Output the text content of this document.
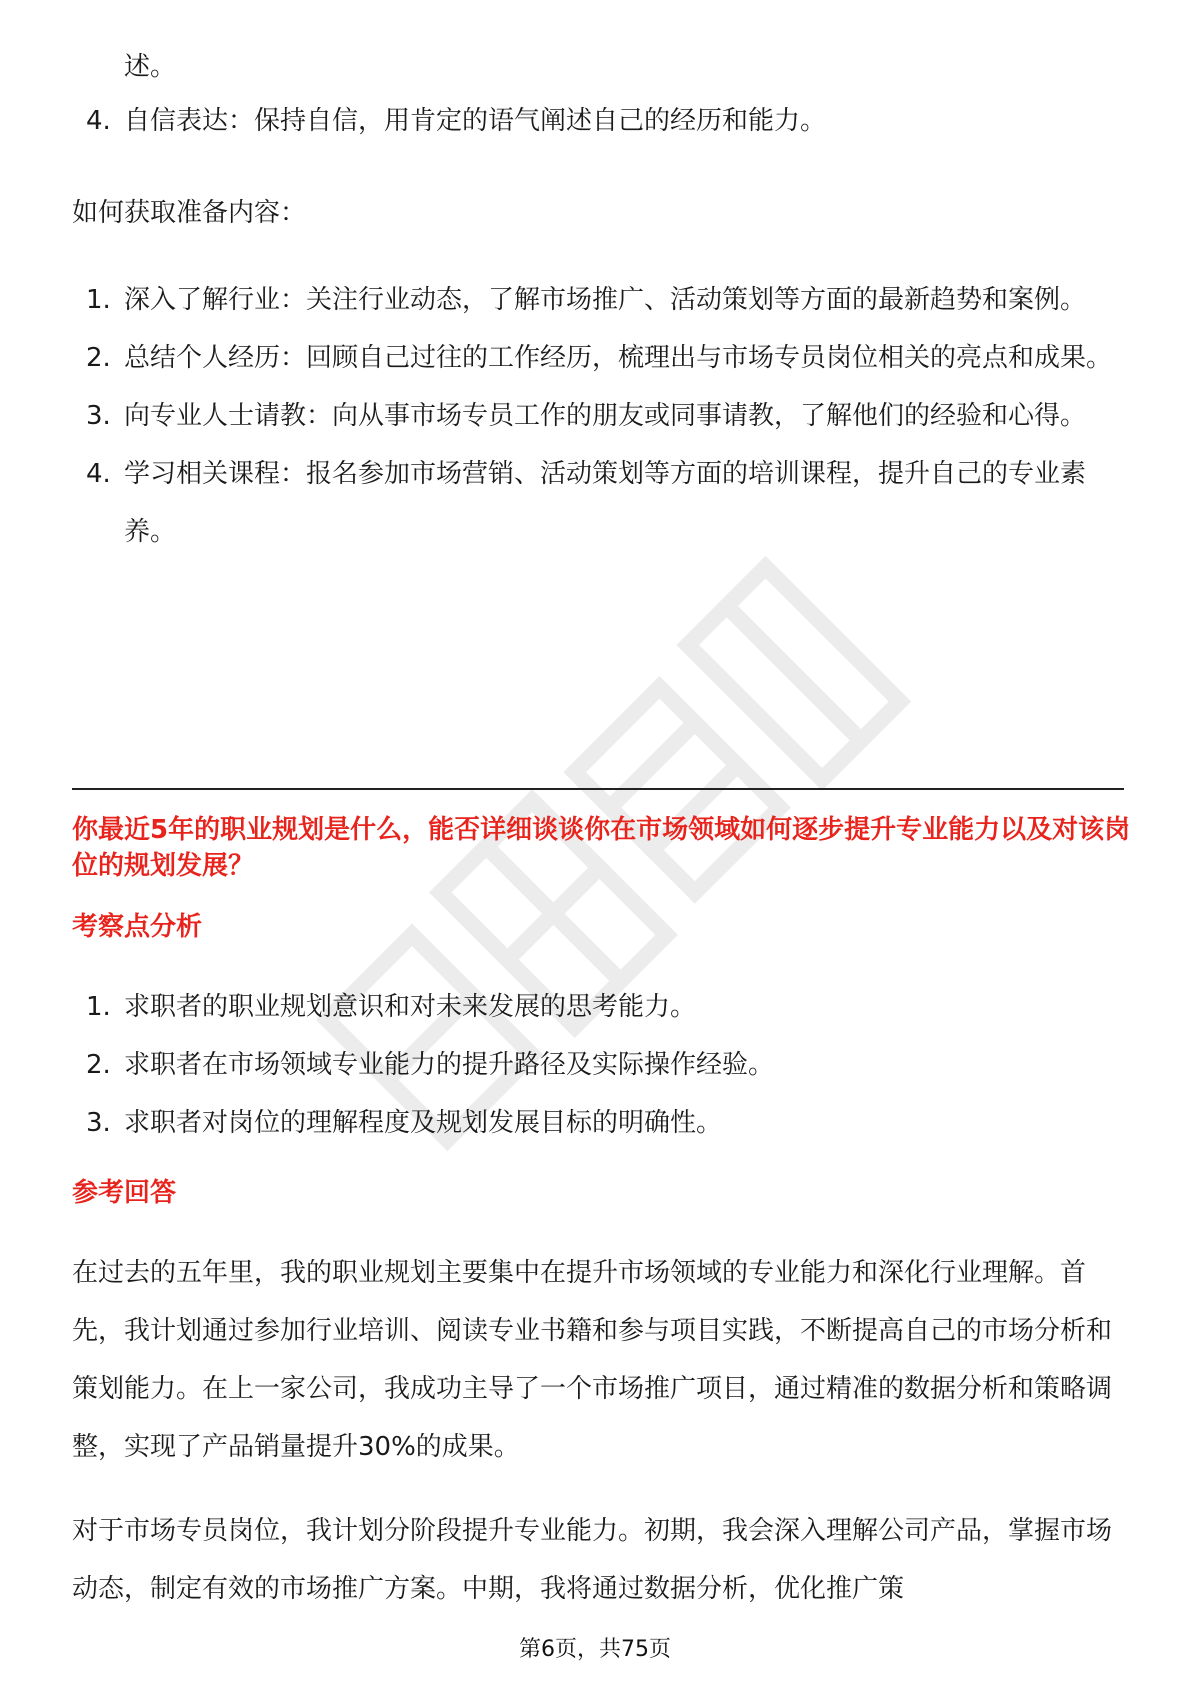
述。
4. 自信表达：保持自信，用肯定的语气阐述自己的经历和能力。
如何获取准备内容：
1. 深入了解行业：关注行业动态，了解市场推广、活动策划等方面的最新趋势和案例。
2. 总结个人经历：回顾自己过往的工作经历，梳理出与市场专员岗位相关的亮点和成果。
3. 向专业人士请教：向从事市场专员工作的朋友或同事请教，了解他们的经验和心得。
4. 学习相关课程：报名参加市场营销、活动策划等方面的培训课程，提升自己的专业素养。
你最近5年的职业规划是什么，能否详细谈谈你在市场领域如何逐步提升专业能力以及对该岗位的规划发展？
考察点分析
1. 求职者的职业规划意识和对未来发展的思考能力。
2. 求职者在市场领域专业能力的提升路径及实际操作经验。
3. 求职者对岗位的理解程度及规划发展目标的明确性。
参考回答

在过去的五年里，我的职业规划主要集中在提升市场领域的专业能力和深化行业理解。首先，我计划通过参加行业培训、阅读专业书籍和参与项目实践，不断提高自己的市场分析和策划能力。在上一家公司，我成功主导了一个市场推广项目，通过精准的数据分析和策略调整，实现了产品销量提升30%的成果。

对于市场专员岗位，我计划分阶段提升专业能力。初期，我会深入理解公司产品，掌握市场动态，制定有效的市场推广方案。中期，我将通过数据分析，优化推广策

第6页，共75页
